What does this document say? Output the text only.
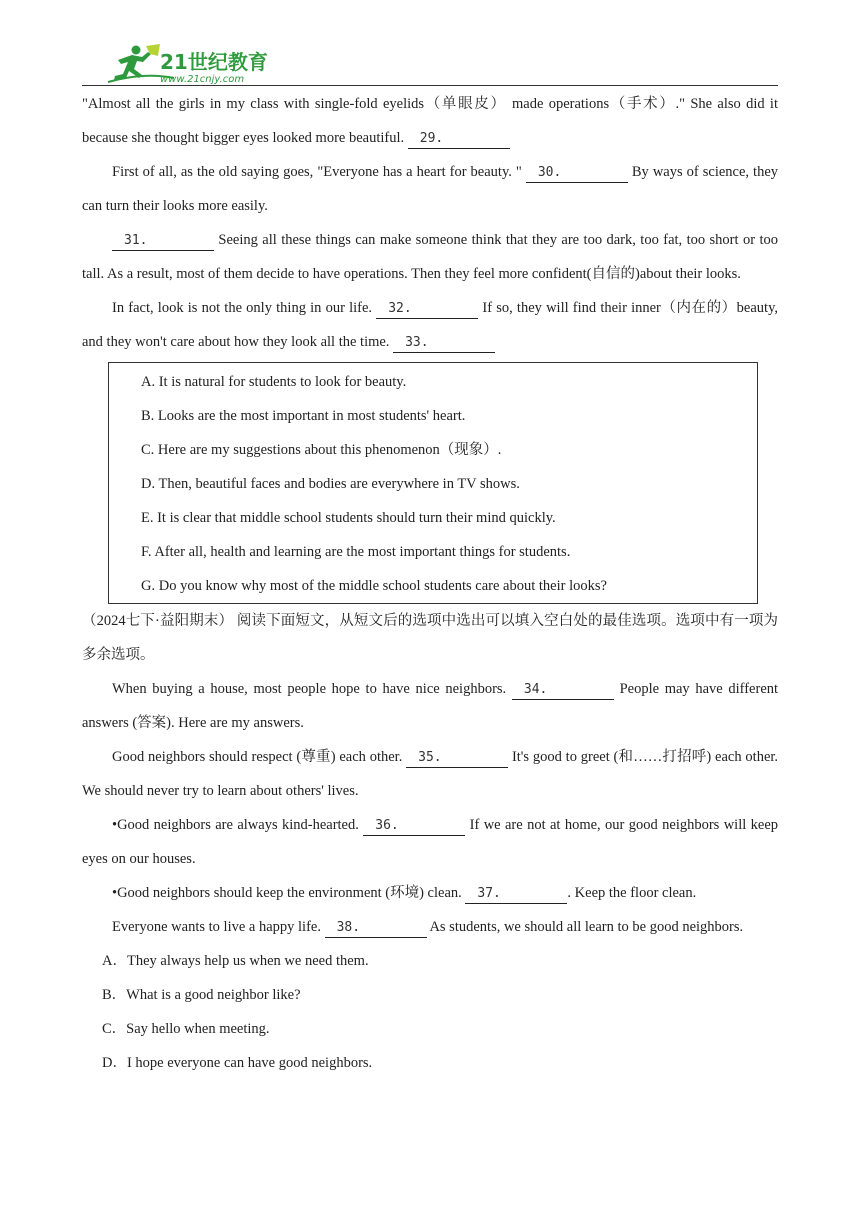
21世纪教育
www.21cnjy.com

"Almost all the girls in my class with single-fold eyelids（单眼皮） made operations（手术）." She also did it because she thought bigger eyes looked more beautiful. 29.

First of all, as the old saying goes, "Everyone has a heart for beauty. " 30.	By ways of science, they can turn their looks more easily.

31.	Seeing all these things can make someone think that they are too dark, too fat, too short or too tall. As a result, most of them decide to have operations. Then they feel more confident(自信的)about their looks.

In fact, look is not the only thing in our life. 32.	If so, they will find their inner（内在的）beauty, and they won't care about how they look all the time. 33.

A. It is natural for students to look for beauty.

B. Looks are the most important in most students' heart.

C. Here are my suggestions about this phenomenon（现象）.

D. Then, beautiful faces and bodies are everywhere in TV shows.

E. It is clear that middle school students should turn their mind quickly.

F. After all, health and learning are the most important things for students.

G. Do you know why most of the middle school students care about their looks?

（2024七下·益阳期末） 阅读下面短文，从短文后的选项中选出可以填入空白处的最佳选项。选项中有一项为多余选项。

When buying a house, most people hope to have nice neighbors. 34.	People may have different answers (答案). Here are my answers.

Good neighbors should respect (尊重) each other. 35.	It's good to greet (和……打招呼) each other. We should never try to learn about others' lives.

•Good neighbors are always kind-hearted. 36.	If we are not at home, our good neighbors will keep eyes on our houses.

•Good neighbors should keep the environment (环境) clean. 37.	. Keep the floor clean.

Everyone wants to live a happy life. 38.	As students, we should all learn to be good neighbors.

A．They always help us when we need them.

B．What is a good neighbor like?

C．Say hello when meeting.

D．I hope everyone can have good neighbors.
